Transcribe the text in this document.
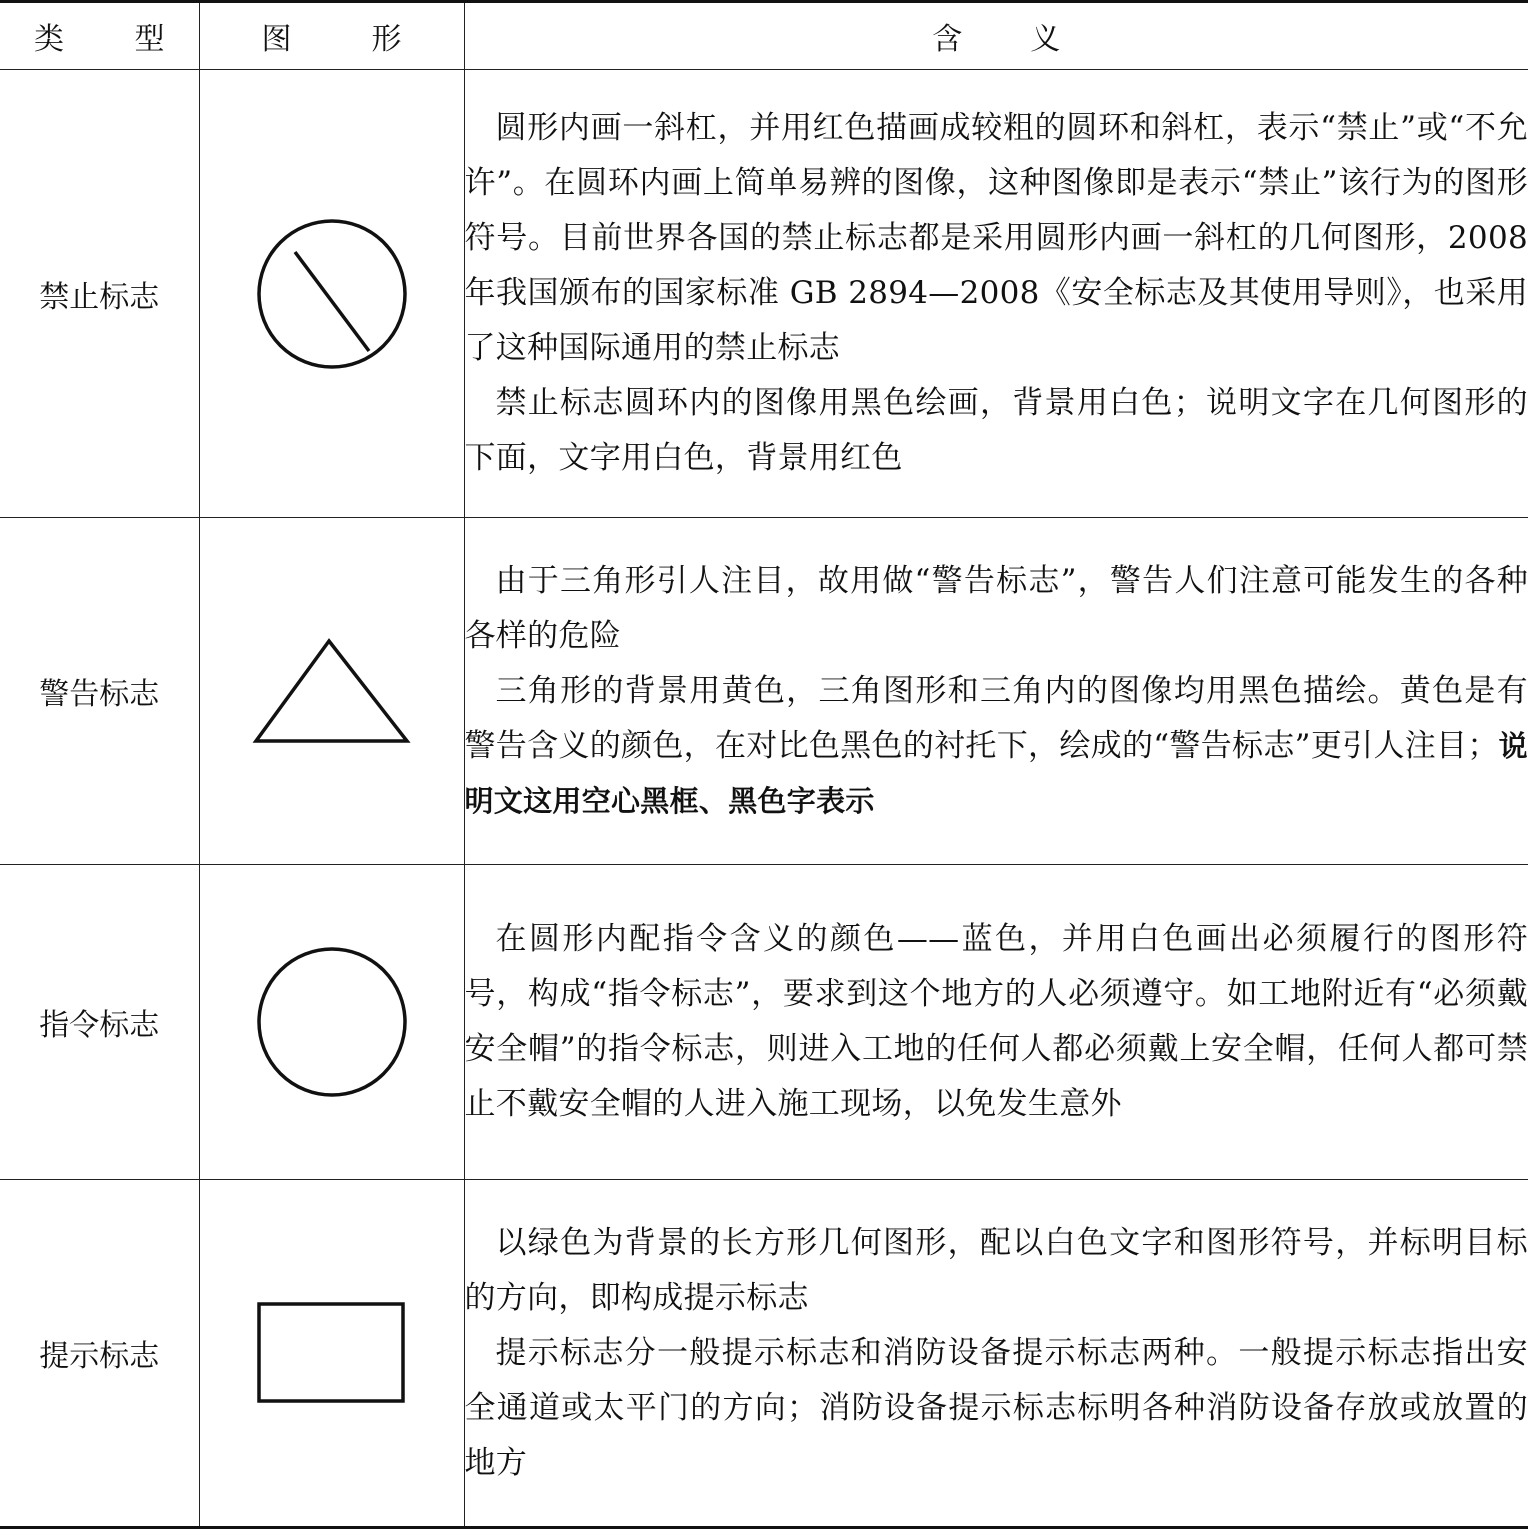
类 型	图 形	含 义

禁止标志		圆形内画一斜杠，并用红色描画成较粗的圆环和斜杠，表示“禁止”或“不允许”。在圆环内画上简单易辨的图像，这种图像即是表示“禁止”该行为的图形符号。目前世界各国的禁止标志都是采用圆形内画一斜杠的几何图形，2008 年我国颁布的国家标准 GB 2894—2008《安全标志及其使用导则》，也采用了这种国际通用的禁止标志

禁止标志圆环内的图像用黑色绘画，背景用白色；说明文字在几何图形的下面，文字用白色，背景用红色

警告标志		由于三角形引人注目，故用做“警告标志”，警告人们注意可能发生的各种各样的危险

三角形的背景用黄色，三角图形和三角内的图像均用黑色描绘。黄色是有警告含义的颜色，在对比色黑色的衬托下，绘成的“警告标志”更引人注目；说明文这用空心黑框、黑色字表示

指令标志		在圆形内配指令含义的颜色——蓝色，并用白色画出必须履行的图形符号，构成“指令标志”，要求到这个地方的人必须遵守。如工地附近有“必须戴安全帽”的指令标志，则进入工地的任何人都必须戴上安全帽，任何人都可禁止不戴安全帽的人进入施工现场，以免发生意外

提示标志		以绿色为背景的长方形几何图形，配以白色文字和图形符号，并标明目标的方向，即构成提示标志

提示标志分一般提示标志和消防设备提示标志两种。一般提示标志指出安全通道或太平门的方向；消防设备提示标志标明各种消防设备存放或放置的地方
